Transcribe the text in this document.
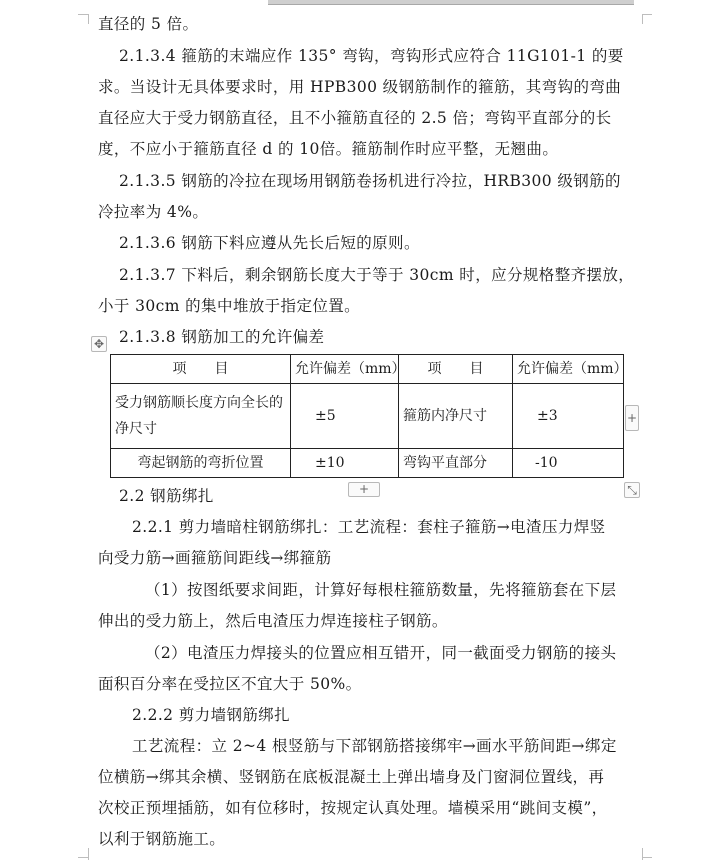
直径的 5 倍。
2.1.3.4 箍筋的末端应作 135° 弯钩，弯钩形式应符合 11G101-1 的要
求。当设计无具体要求时，用 HPB300 级钢筋制作的箍筋，其弯钩的弯曲
直径应大于受力钢筋直径，且不小箍筋直径的 2.5 倍；弯钩平直部分的长
度，不应小于箍筋直径 d 的 10倍。箍筋制作时应平整，无翘曲。
2.1.3.5 钢筋的冷拉在现场用钢筋卷扬机进行冷拉，HRB300 级钢筋的
冷拉率为 4%。
2.1.3.6 钢筋下料应遵从先长后短的原则。
2.1.3.7 下料后，剩余钢筋长度大于等于 30cm 时，应分规格整齐摆放，
小于 30cm 的集中堆放于指定位置。
2.1.3.8 钢筋加工的允许偏差
✥
项　　目	允许偏差（mm）	项　　目	允许偏差（mm）
受力钢筋顺长度方向全长的净尺寸	±5	箍筋内净尺寸	±3
弯起钢筋的弯折位置	±10	弯钩平直部分	-10
+
+	⤡
2.2 钢筋绑扎
2.2.1 剪力墙暗柱钢筋绑扎：工艺流程：套柱子箍筋→电渣压力焊竖
向受力筋→画箍筋间距线→绑箍筋
（1）按图纸要求间距，计算好每根柱箍筋数量，先将箍筋套在下层
伸出的受力筋上，然后电渣压力焊连接柱子钢筋。
（2）电渣压力焊接头的位置应相互错开，同一截面受力钢筋的接头
面积百分率在受拉区不宜大于 50%。
2.2.2 剪力墙钢筋绑扎
工艺流程：立 2~4 根竖筋与下部钢筋搭接绑牢→画水平筋间距→绑定
位横筋→绑其余横、竖钢筋在底板混凝土上弹出墙身及门窗洞位置线，再
次校正预埋插筋，如有位移时，按规定认真处理。墙模采用“跳间支模”，
以利于钢筋施工。
